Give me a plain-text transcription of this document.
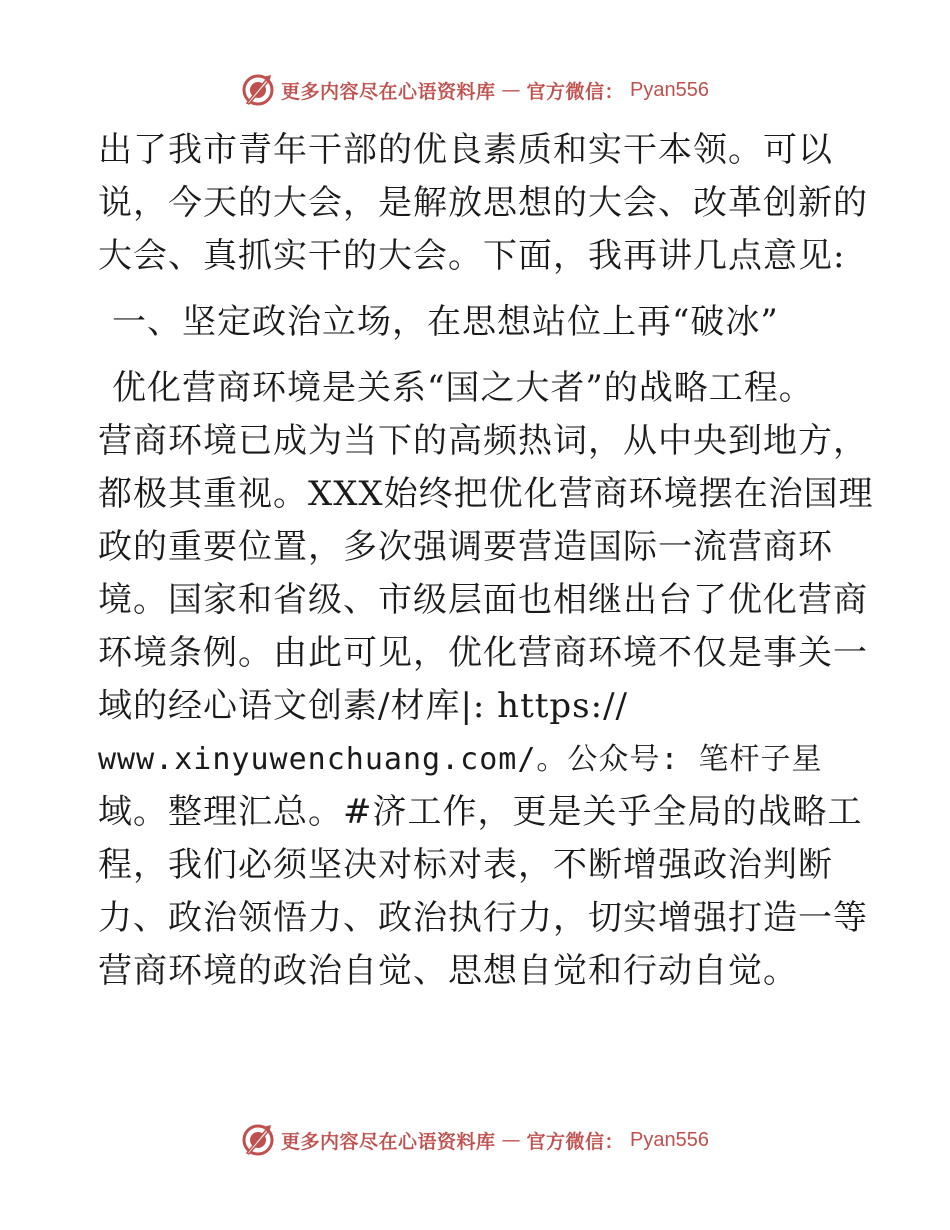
更多内容尽在心语资料库 — 官方微信： Pyan556
出了我市青年干部的优良素质和实干本领。可以
说，今天的大会，是解放思想的大会、改革创新的
大会、真抓实干的大会。下面，我再讲几点意见:
一、坚定政治立场，在思想站位上再“破冰”
优化营商环境是关系“国之大者”的战略工程。
营商环境已成为当下的高频热词，从中央到地方，
都极其重视。XXX始终把优化营商环境摆在治国理
政的重要位置，多次强调要营造国际一流营商环
境。国家和省级、市级层面也相继出台了优化营商
环境条例。由此可见，优化营商环境不仅是事关一
域的经心语文创素/材库|: https://
www.xinyuwenchuang.com/。公众号: 笔杆子星
域。整理汇总。#济工作，更是关乎全局的战略工
程，我们必须坚决对标对表，不断增强政治判断
力、政治领悟力、政治执行力，切实增强打造一等
营商环境的政治自觉、思想自觉和行动自觉。
更多内容尽在心语资料库 — 官方微信： Pyan556
